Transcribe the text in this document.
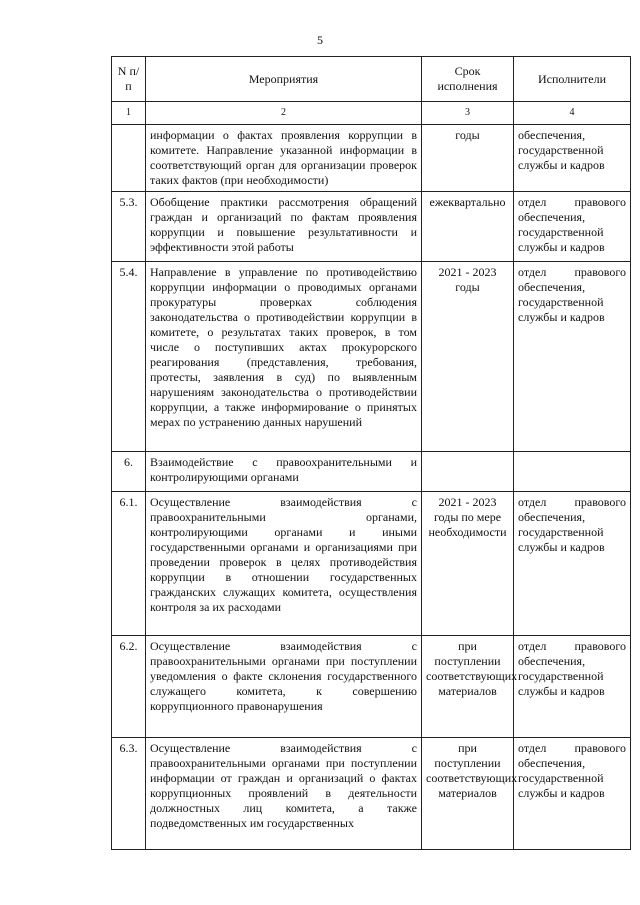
5
N п/п	Мероприятия	Срок исполнения	Исполнители
1	2	3	4
	информации о фактах проявления коррупции в комитете. Направление указанной информации в соответствующий орган для организации проверок таких фактов (при необходимости)	годы	обеспечения, государственной службы и кадров
5.3.	Обобщение практики рассмотрения обращений граждан и организаций по фактам проявления коррупции и повышение результативности и эффективности этой работы	ежеквартально	отдел правового обеспечения, государственной службы и кадров
5.4.	Направление в управление по противодействию коррупции информации о проводимых органами прокуратуры проверках соблюдения законодательства о противодействии коррупции в комитете, о результатах таких проверок, в том числе о поступивших актах прокурорского реагирования (представления, требования, протесты, заявления в суд) по выявленным нарушениям законодательства о противодействии коррупции, а также информирование о принятых мерах по устранению данных нарушений	2021 - 2023 годы	отдел правового обеспечения, государственной службы и кадров
6.	Взаимодействие с правоохранительными и контролирующими органами		
6.1.	Осуществление взаимодействия с правоохранительными органами, контролирующими органами и иными государственными органами и организациями при проведении проверок в целях противодействия коррупции в отношении государственных гражданских служащих комитета, осуществления контроля за их расходами	2021 - 2023 годы по мере необходимости	отдел правового обеспечения, государственной службы и кадров
6.2.	Осуществление взаимодействия с правоохранительными органами при поступлении уведомления о факте склонения государственного служащего комитета, к совершению коррупционного правонарушения	при поступлении соответствующих материалов	отдел правового обеспечения, государственной службы и кадров
6.3.	Осуществление взаимодействия с правоохранительными органами при поступлении информации от граждан и организаций о фактах коррупционных проявлений в деятельности должностных лиц комитета, а также подведомственных им государственных	при поступлении соответствующих материалов	отдел правового обеспечения, государственной службы и кадров
